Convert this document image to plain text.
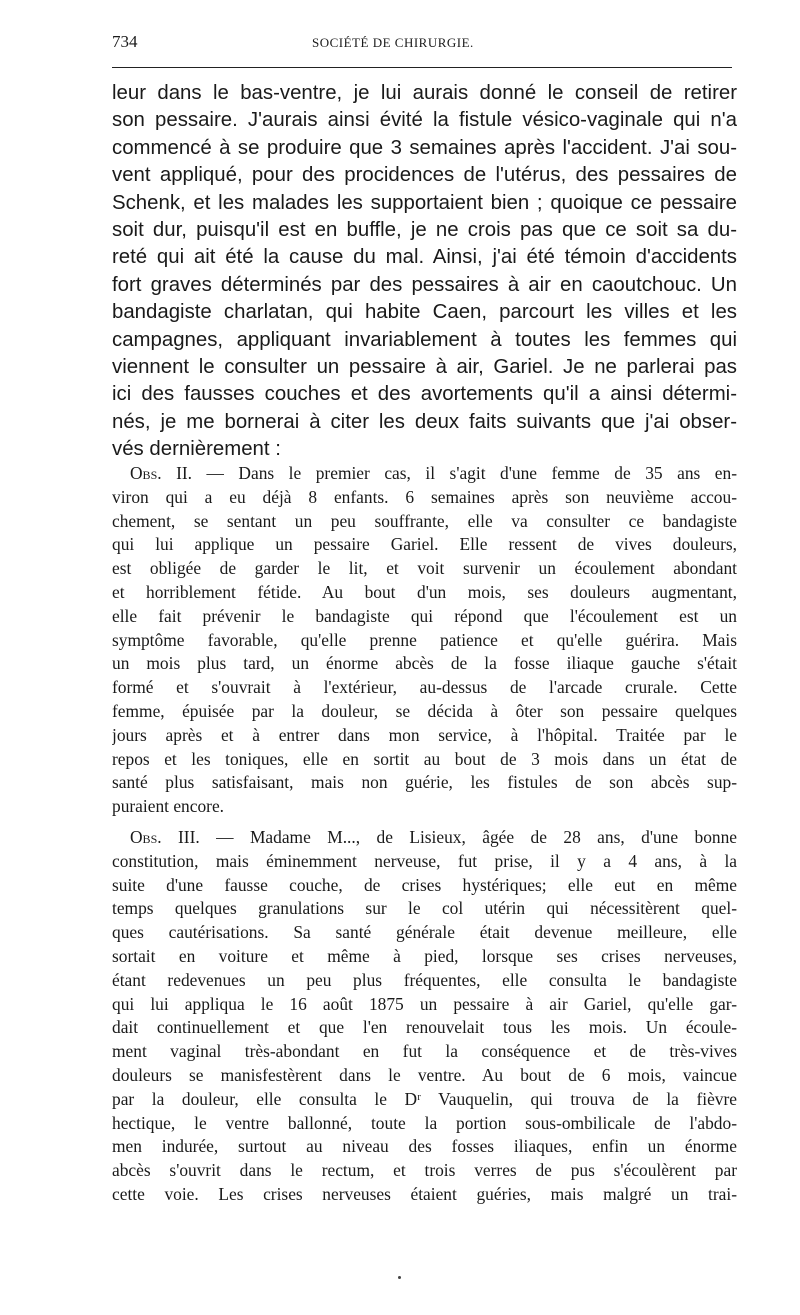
734	SOCIÉTÉ DE CHIRURGIE.
leur dans le bas-ventre, je lui aurais donné le conseil de retirer
son pessaire. J'aurais ainsi évité la fistule vésico-vaginale qui n'a
commencé à se produire que 3 semaines après l'accident. J'ai sou-
vent appliqué, pour des procidences de l'utérus, des pessaires de
Schenk, et les malades les supportaient bien ; quoique ce pessaire
soit dur, puisqu'il est en buffle, je ne crois pas que ce soit sa du-
reté qui ait été la cause du mal. Ainsi, j'ai été témoin d'accidents
fort graves déterminés par des pessaires à air en caoutchouc. Un
bandagiste charlatan, qui habite Caen, parcourt les villes et les
campagnes, appliquant invariablement à toutes les femmes qui
viennent le consulter un pessaire à air, Gariel. Je ne parlerai pas
ici des fausses couches et des avortements qu'il a ainsi détermi-
nés, je me bornerai à citer les deux faits suivants que j'ai obser-
vés dernièrement :
Obs. II. — Dans le premier cas, il s'agit d'une femme de 35 ans en-
viron qui a eu déjà 8 enfants. 6 semaines après son neuvième accou-
chement, se sentant un peu souffrante, elle va consulter ce bandagiste
qui lui applique un pessaire Gariel. Elle ressent de vives douleurs,
est obligée de garder le lit, et voit survenir un écoulement abondant
et horriblement fétide. Au bout d'un mois, ses douleurs augmentant,
elle fait prévenir le bandagiste qui répond que l'écoulement est un
symptôme favorable, qu'elle prenne patience et qu'elle guérira. Mais
un mois plus tard, un énorme abcès de la fosse iliaque gauche s'était
formé et s'ouvrait à l'extérieur, au-dessus de l'arcade crurale. Cette
femme, épuisée par la douleur, se décida à ôter son pessaire quelques
jours après et à entrer dans mon service, à l'hôpital. Traitée par le
repos et les toniques, elle en sortit au bout de 3 mois dans un état de
santé plus satisfaisant, mais non guérie, les fistules de son abcès sup-
puraient encore.
Obs. III. — Madame M..., de Lisieux, âgée de 28 ans, d'une bonne
constitution, mais éminemment nerveuse, fut prise, il y a 4 ans, à la
suite d'une fausse couche, de crises hystériques; elle eut en même
temps quelques granulations sur le col utérin qui nécessitèrent quel-
ques cautérisations. Sa santé générale était devenue meilleure, elle
sortait en voiture et même à pied, lorsque ses crises nerveuses,
étant redevenues un peu plus fréquentes, elle consulta le bandagiste
qui lui appliqua le 16 août 1875 un pessaire à air Gariel, qu'elle gar-
dait continuellement et que l'en renouvelait tous les mois. Un écoule-
ment vaginal très-abondant en fut la conséquence et de très-vives
douleurs se manisfestèrent dans le ventre. Au bout de 6 mois, vaincue
par la douleur, elle consulta le Dʳ Vauquelin, qui trouva de la fièvre
hectique, le ventre ballonné, toute la portion sous-ombilicale de l'abdo-
men indurée, surtout au niveau des fosses iliaques, enfin un énorme
abcès s'ouvrit dans le rectum, et trois verres de pus s'écoulèrent par
cette voie. Les crises nerveuses étaient guéries, mais malgré un trai-
